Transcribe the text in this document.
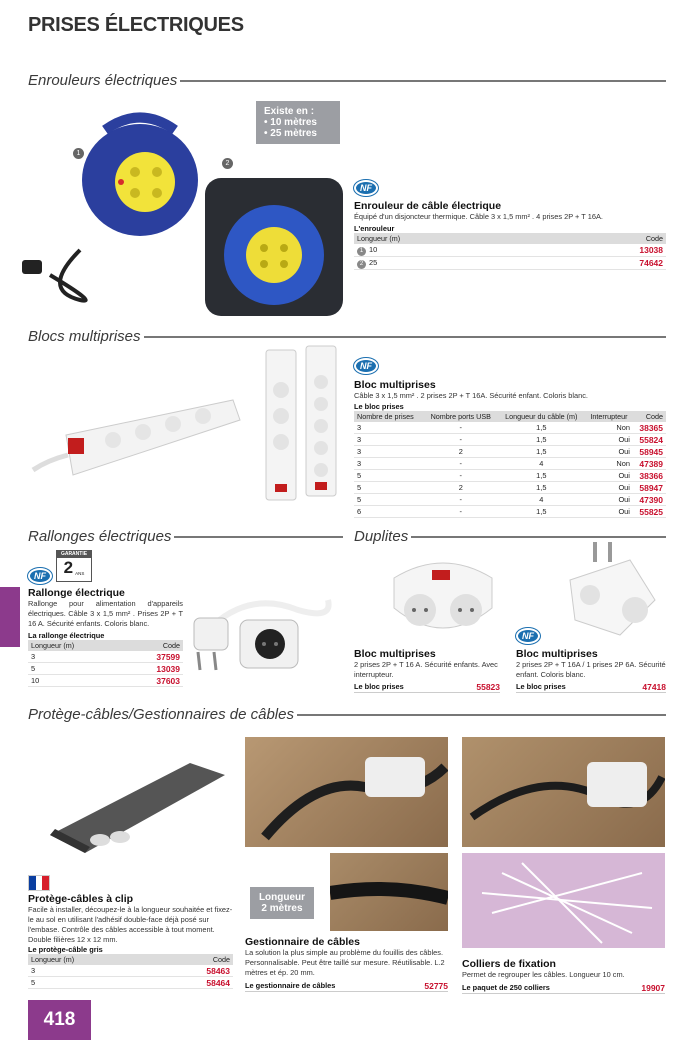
PRISES ÉLECTRIQUES
Enrouleurs électriques
1
2
Existe en :
• 10 mètres
• 25 mètres
NF
Enrouleur de câble électrique
Équipé d'un disjoncteur thermique. Câble 3 x 1,5 mm² . 4 prises 2P + T 16A.
L'enrouleur
Longueur (m)	Code
1 10	13038
2 25	74642
Blocs multiprises
NF
Bloc multiprises
Câble 3 x 1,5 mm² . 2 prises 2P + T 16A. Sécurité enfant. Coloris blanc.
Le bloc prises
Nombre de prises	Nombre ports USB	Longueur du câble (m)	Interrupteur	Code
3	-	1,5	Non	38365
3	-	1,5	Oui	55824
3	2	1,5	Oui	58945
3	-	4	Non	47389
5	-	1,5	Oui	38366
5	2	1,5	Oui	58947
5	-	4	Oui	47390
6	-	1,5	Oui	55825
Rallonges électriques	Duplites
GARANTIE
2 ANS
NF
Rallonge électrique
Rallonge pour alimentation d'appareils électriques. Câble 3 x 1,5 mm² . Prises 2P + T 16 A. Sécurité enfants. Coloris blanc.
La rallonge électrique
Longueur (m)	Code
3	37599
5	13039
10	37603
Bloc multiprises
2 prises 2P + T 16 A. Sécurité enfants. Avec interrupteur.
Le bloc prises	55823
NF
Bloc multiprises
2 prises 2P + T 16A / 1 prises 2P 6A. Sécurité enfant. Coloris blanc.
Le bloc prises	47418
Protège-câbles/Gestionnaires de câbles
Longueur
2 mètres
Protège-câbles à clip
Facile à installer, découpez-le à la longueur souhaitée et fixez-le au sol en utilisant l'adhésif double-face déjà posé sur l'embase. Contrôle des câbles accessible à tout moment. Double filières 12 x 12 mm.
Le protège-câble gris
Longueur (m)	Code
3	58463
5	58464
Gestionnaire de câbles
La solution la plus simple au problème du fouillis des câbles. Personnalisable. Peut être taillé sur mesure. Réutilisable. L.2 mètres et ép. 20 mm.
Le gestionnaire de câbles	52775
Colliers de fixation
Permet de regrouper les câbles. Longueur 10 cm.
Le paquet de 250 colliers	19907
418
